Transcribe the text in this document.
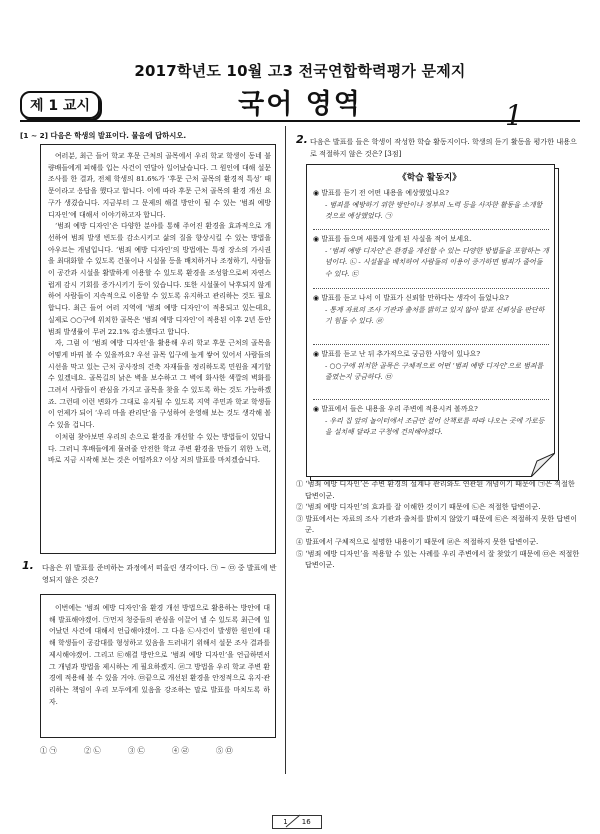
2017학년도 10월 고3 전국연합학력평가 문제지
제 1 교시	국어 영역	1
[1 ~ 2] 다음은 학생의 발표이다. 물음에 답하시오.

여러분, 최근 들어 학교 후문 근처의 골목에서 우리 학교 학생이 동네 불량배들에게 피해를 입는 사건이 연달아 일어났습니다. 그 원인에 대해 설문 조사를 한 결과, 전체 학생의 81.6%가 ‘후문 근처 골목의 환경적 특성’ 때문이라고 응답을 했다고 합니다. 이에 따라 후문 근처 골목의 환경 개선 요구가 생겼습니다. 지금부터 그 문제의 해결 방안이 될 수 있는 ‘범죄 예방 디자인’에 대해서 이야기하고자 합니다.

‘범죄 예방 디자인’은 다양한 분야를 통해 주어진 환경을 효과적으로 개선하여 범죄 발생 빈도를 감소시키고 삶의 질을 향상시킬 수 있는 방법을 아우르는 개념입니다. ‘범죄 예방 디자인’의 방법에는 특정 장소의 가시권을 최대화할 수 있도록 건물이나 시설물 등을 배치하거나 조정하기, 사람들이 공간과 시설을 활발하게 이용할 수 있도록 환경을 조성함으로써 자연스럽게 감시 기회를 증가시키기 등이 있습니다. 또한 시설물이 낙후되지 않게 하여 사람들이 지속적으로 이용할 수 있도록 유지하고 관리하는 것도 필요합니다. 최근 들어 여러 지역에 ‘범죄 예방 디자인’이 적용되고 있는데요, 실제로 ○○구에 위치한 골목은 ‘범죄 예방 디자인’이 적용된 이후 2년 동안 범죄 발생률이 무려 22.1% 감소했다고 합니다.

자, 그럼 이 ‘범죄 예방 디자인’을 활용해 우리 학교 후문 근처의 골목을 어떻게 바꿔 볼 수 있을까요? 우선 골목 입구에 높게 쌓여 있어서 사람들의 시선을 막고 있는 근처 공사장의 건축 자재들을 정리하도록 민원을 제기할 수 있겠네요. 골목길의 낡은 벽을 보수하고 그 벽에 화사한 색깔의 벽화를 그려서 사람들이 관심을 가지고 골목을 찾을 수 있도록 하는 것도 가능하겠죠. 그런데 이런 변화가 그대로 유지될 수 있도록 지역 주민과 학교 학생들이 언제가 되어 ‘우리 마을 관리단’을 구성하여 운영해 보는 것도 생각해 볼 수 있을 겁니다.

이처럼 찾아보면 우리의 손으로 환경을 개선할 수 있는 방법들이 있답니다. 그러니 후배들에게 물려줄 안전한 학교 주변 환경을 만들기 위한 노력, 바로 지금 시작해 보는 것은 어떨까요? 이상 저의 발표를 마치겠습니다.

1. 다음은 위 발표를 준비하는 과정에서 떠올린 생각이다. ㉠ ~ ㉤ 중 발표에 반영되지 않은 것은?

이번에는 ‘범죄 예방 디자인’을 환경 개선 방법으로 활용하는 방안에 대해 발표해야겠어. ㉠먼저 청중들의 관심을 이끌어 낼 수 있도록 최근에 일어났던 사건에 대해서 언급해야겠어. 그 다음 ㉡사건이 발생한 원인에 대해 학생들이 공감대를 형성하고 있음을 드러내기 위해서 설문 조사 결과를 제시해야겠어. 그리고 ㉢해결 방안으로 ‘범죄 예방 디자인’을 언급하면서 그 개념과 방법을 제시하는 게 필요하겠지. ㉣그 방법을 우리 학교 주변 환경에 적용해 볼 수 있을 거야. ㉤끝으로 개선된 환경을 안정적으로 유지·관리하는 책임이 우리 모두에게 있음을 강조하는 말로 발표를 마치도록 하자.

① ㉠	② ㉡	③ ㉢	④ ㉣	⑤ ㉤
2. 다음은 발표를 들은 학생이 작성한 학습 활동지이다. 학생의 듣기 활동을 평가한 내용으로 적절하지 않은 것은? [3점]
《학습 활동지》
◉ 발표를 듣기 전 어떤 내용을 예상했었나요?
- 범죄를 예방하기 위한 방안이나 정부의 노력 등을 사자한 활동을 소개할 것으로 예상했었다. ㉠
◉ 발표를 들으며 새롭게 알게 된 사실을 적어 보세요.
- ‘범죄 예방 디자인’은 환경을 개선할 수 있는 다양한 방법들을 포함하는 개념이다. ㉡ - 시설물을 배치하여 사람들의 이용이 증가하면 범죄가 줄어들 수 있다. ㉢
◉ 발표를 듣고 나서 이 발표가 신뢰할 만하다는 생각이 들었나요?
- 통계 자료의 조사 기관과 출처를 밝히고 있지 않아 발표 신뢰성을 판단하기 힘들 수 있다. ㉣
◉ 발표를 듣고 난 뒤 추가적으로 궁금한 사항이 있나요?
- ○○구에 위치한 골목은 구체적으로 어떤 ‘범죄 예방 디자인’으로 범죄를 줄였는지 궁금하다. ㉤
◉ 발표에서 들은 내용을 우리 주변에 적용시켜 볼까요?
- 우리 집 앞의 놀이터에서 조금만 걸어 산책로를 따라 나오는 곳에 가로등을 설치해 달라고 구청에 건의해야겠다.
① ‘범죄 예방 디자인’은 주변 환경의 설계나 관리와도 연관된 개념이기 때문에 ㉠은 적절한 답변이군.
② ‘범죄 예방 디자인’의 효과를 잘 이해한 것이기 때문에 ㉡은 적절한 답변이군.
③ 발표에서는 자료의 조사 기관과 출처를 밝히지 않았기 때문에 ㉢은 적절하지 못한 답변이군.
④ 발표에서 구체적으로 설명한 내용이기 때문에 ㉣은 적절하지 못한 답변이군.
⑤ ‘범죄 예방 디자인’을 적용할 수 있는 사례를 우리 주변에서 잘 찾았기 때문에 ㉤은 적절한 답변이군.
1 16
